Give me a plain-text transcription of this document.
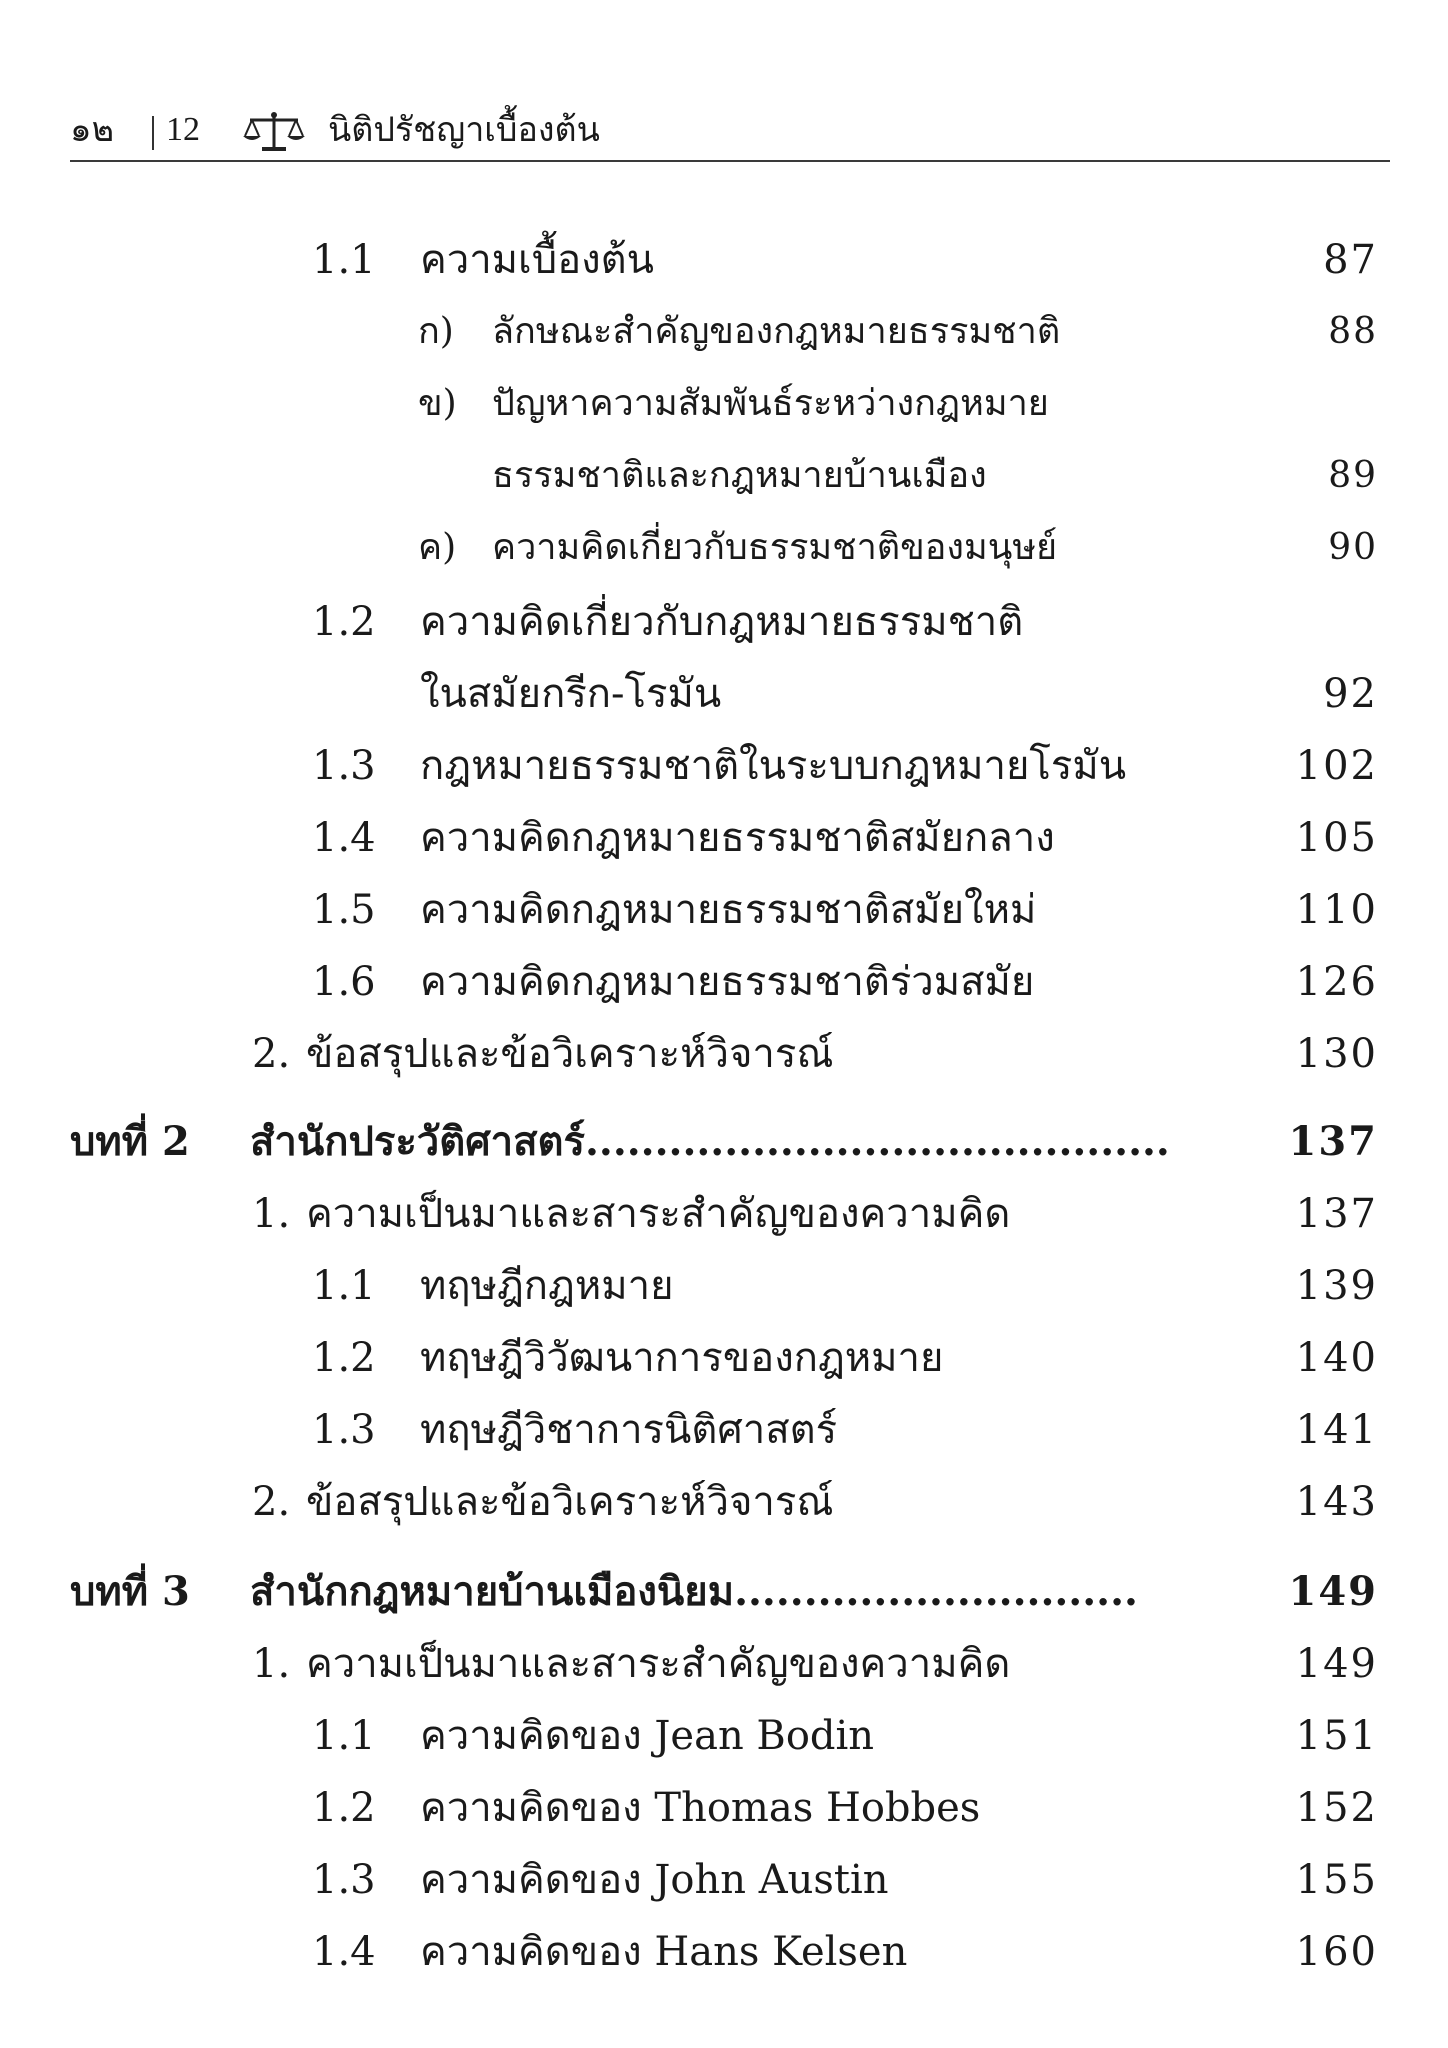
๑๒ 12	นิติปรัชญาเบื้องต้น
1.1 ความเบื้องต้น	87
ก) ลักษณะสำคัญของกฎหมายธรรมชาติ	88
ข) ปัญหาความสัมพันธ์ระหว่างกฎหมาย
ธรรมชาติและกฎหมายบ้านเมือง	89
ค) ความคิดเกี่ยวกับธรรมชาติของมนุษย์	90
1.2 ความคิดเกี่ยวกับกฎหมายธรรมชาติ
ในสมัยกรีก-โรมัน	92
1.3 กฎหมายธรรมชาติในระบบกฎหมายโรมัน	102
1.4 ความคิดกฎหมายธรรมชาติสมัยกลาง	105
1.5 ความคิดกฎหมายธรรมชาติสมัยใหม่	110
1.6 ความคิดกฎหมายธรรมชาติร่วมสมัย	126
2. ข้อสรุปและข้อวิเคราะห์วิจารณ์	130
บทที่ 2 สำนักประวัติศาสตร์..........................................	137
1. ความเป็นมาและสาระสำคัญของความคิด	137
1.1 ทฤษฎีกฎหมาย	139
1.2 ทฤษฎีวิวัฒนาการของกฎหมาย	140
1.3 ทฤษฎีวิชาการนิติศาสตร์	141
2. ข้อสรุปและข้อวิเคราะห์วิจารณ์	143
บทที่ 3 สำนักกฎหมายบ้านเมืองนิยม.............................	149
1. ความเป็นมาและสาระสำคัญของความคิด	149
1.1 ความคิดของ Jean Bodin	151
1.2 ความคิดของ Thomas Hobbes	152
1.3 ความคิดของ John Austin	155
1.4 ความคิดของ Hans Kelsen	160
